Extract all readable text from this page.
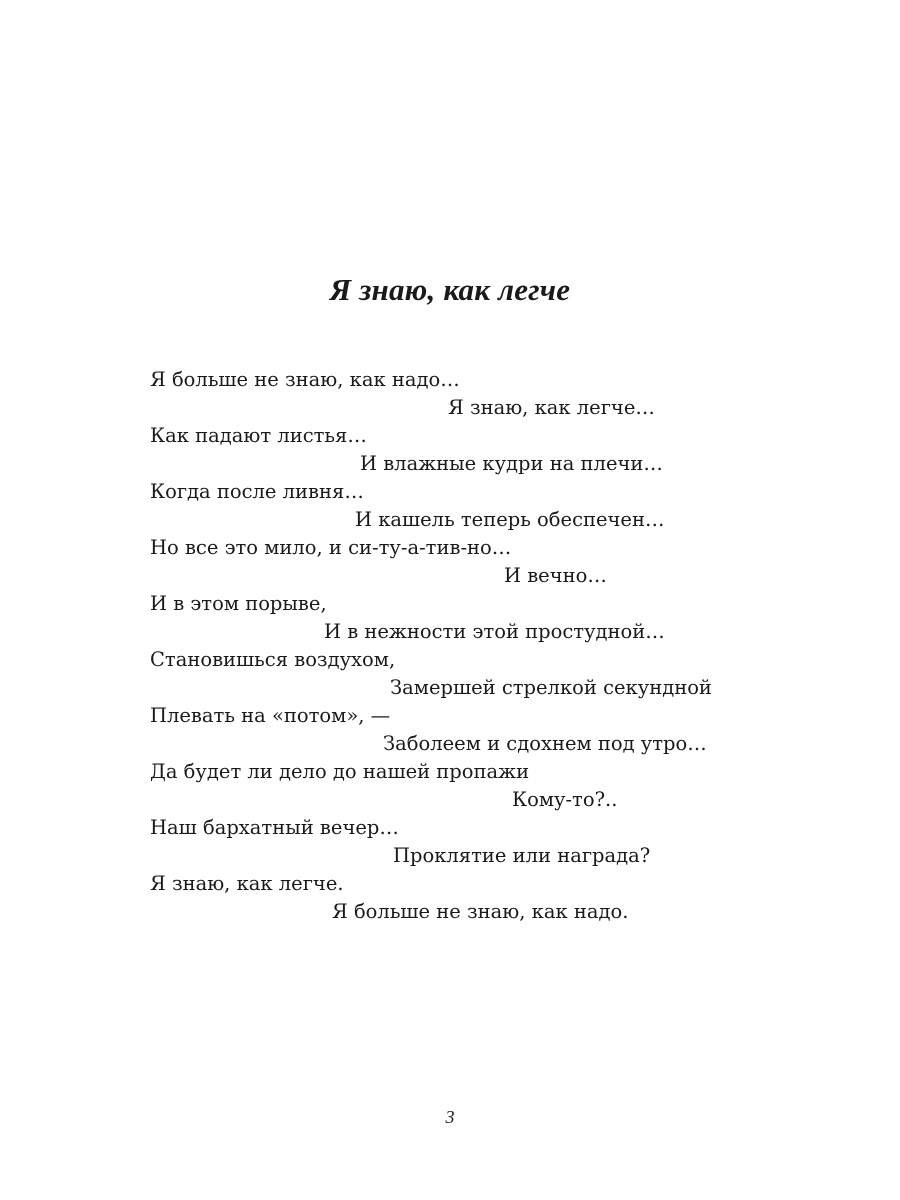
Я знаю, как легче
Я больше не знаю, как надо…
Я знаю, как легче…
Как падают листья…
И влажные кудри на плечи…
Когда после ливня…
И кашель теперь обеспечен…
Но все это мило, и си-ту-а-тив-но…
И вечно…
И в этом порыве,
И в нежности этой простудной…
Становишься воздухом,
Замершей стрелкой секундной
Плевать на «потом», —
Заболеем и сдохнем под утро…
Да будет ли дело до нашей пропажи
Кому-то?..
Наш бархатный вечер…
Проклятие или награда?
Я знаю, как легче.
Я больше не знаю, как надо.
3
